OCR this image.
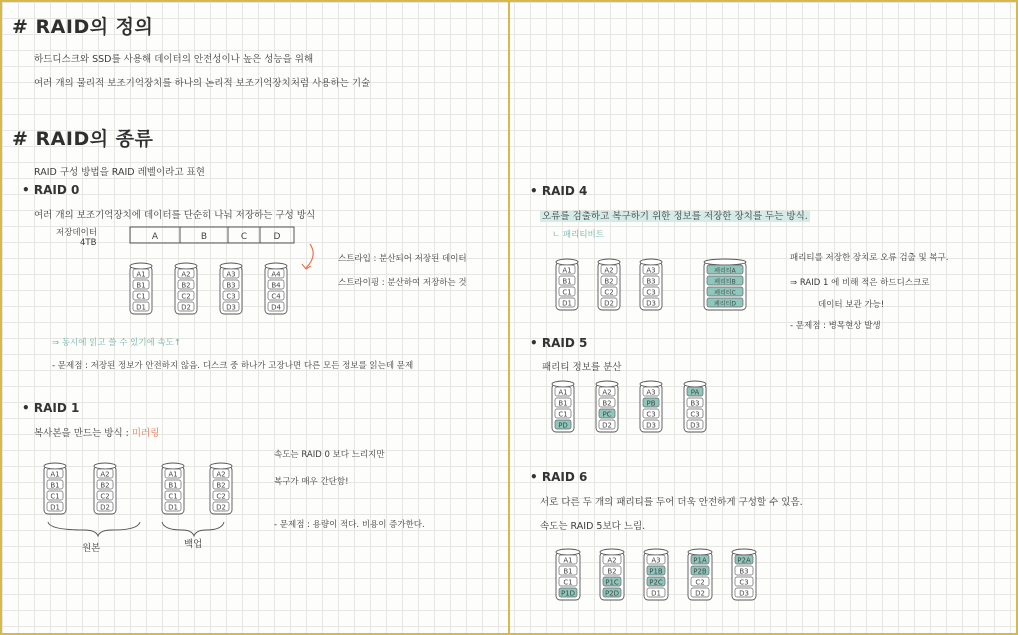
# RAID의 정의
하드디스크와 SSD를 사용해 데이터의 안전성이나 높은 성능을 위해
여러 개의 물리적 보조기억장치를 하나의 논리적 보조기억장치처럼 사용하는 기술
# RAID의 종류
RAID 구성 방법을 RAID 레벨이라고 표현
• RAID 0
여러 개의 보조기억장치에 데이터를 단순히 나눠 저장하는 구성 방식
저장데이터
4TB
A	B	C	D
스트라입 : 분산되어 저장된 데이터
스트라이핑 : 분산하여 저장하는 것
A1
B1
C1
D1
A2
B2
C2
D2
A3
B3
C3
D3
A4
B4
C4
D4
⇒ 동시에 읽고 쓸 수 있기에 속도↑
- 문제점 : 저장된 정보가 안전하지 않음. 디스크 중 하나가 고장나면 다른 모든 정보를 읽는데 문제
• RAID 1
복사본을 만드는 방식 : 미러링
A1
B1
C1
D1
A2
B2
C2
D2
A1
B1
C1
D1
A2
B2
C2
D2
원본	백업
속도는 RAID 0 보다 느리지만
복구가 매우 간단함!
- 문제점 : 용량이 적다. 비용이 증가한다.
• RAID 4
오류를 검출하고 복구하기 위한 정보를 저장한 장치를 두는 방식.
ㄴ 패리티비트
A1
B1
C1
D1
A2
B2
C2
D2
A3
B3
C3
D3
패리티A
패리티B
패리티C
패리티D
패리티를 저장한 장치로 오류 검출 및 복구.
⇒ RAID 1 에 비해 적은 하드디스크로
데이터 보관 가능!
- 문제점 : 병목현상 발생
• RAID 5
패리티 정보를 분산
A1
B1
C1
PD
A2
B2
PC
D2
A3
PB
C3
D3
PA
B3
C3
D3
• RAID 6
서로 다른 두 개의 패리티를 두어 더욱 안전하게 구성할 수 있음.
속도는 RAID 5보다 느림.
A1
B1
C1
P1D
A2
B2
P1C
P2D
A3
P1B
P2C
D1
P1A
P2B
C2
D2
P2A
B3
C3
D3
